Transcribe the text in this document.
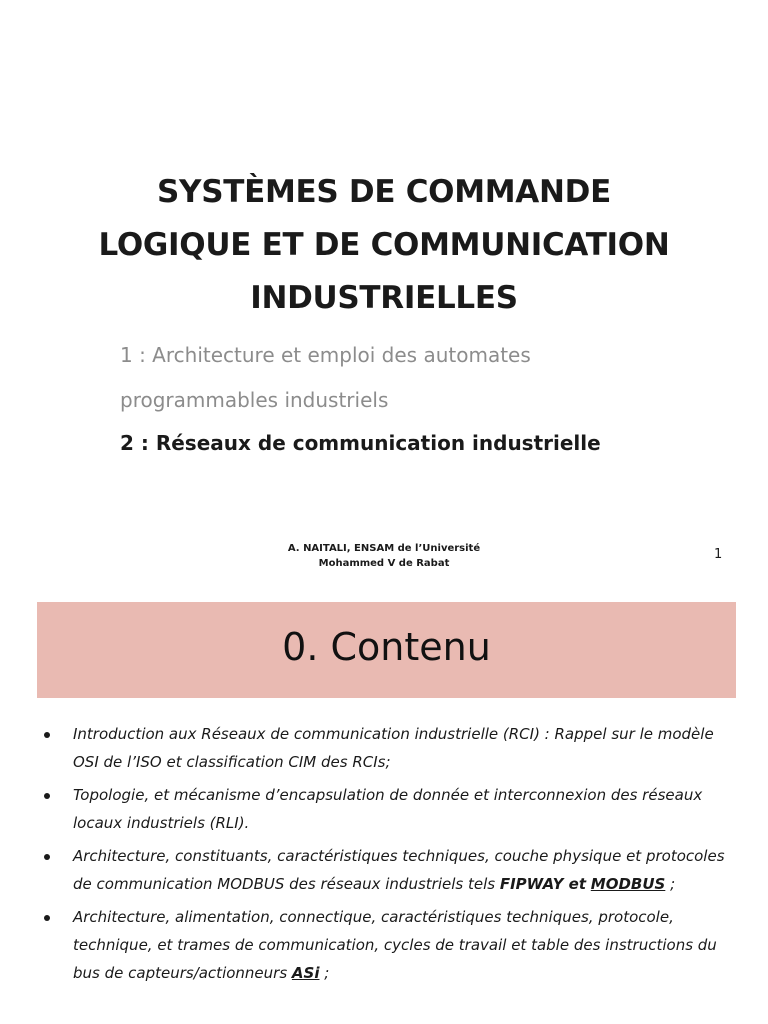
SYSTÈMES DE COMMANDE
LOGIQUE ET DE COMMUNICATION
INDUSTRIELLES

1 : Architecture et emploi des automates

programmables industriels

2 : Réseaux de communication industrielle

A. NAITALI, ENSAM de l’Université
Mohammed V de Rabat
1
0. Contenu
Introduction aux Réseaux de communication industrielle (RCI) : Rappel sur le modèle OSI de l’ISO et classification CIM des RCIs;
Topologie, et mécanisme d’encapsulation de donnée et interconnexion des réseaux locaux industriels (RLI).
Architecture, constituants, caractéristiques techniques, couche physique et protocoles de communication MODBUS des réseaux industriels tels FIPWAY et MODBUS ;
Architecture, alimentation, connectique, caractéristiques techniques, protocole, technique, et trames de communication, cycles de travail et table des instructions du bus de capteurs/actionneurs ASi ;
